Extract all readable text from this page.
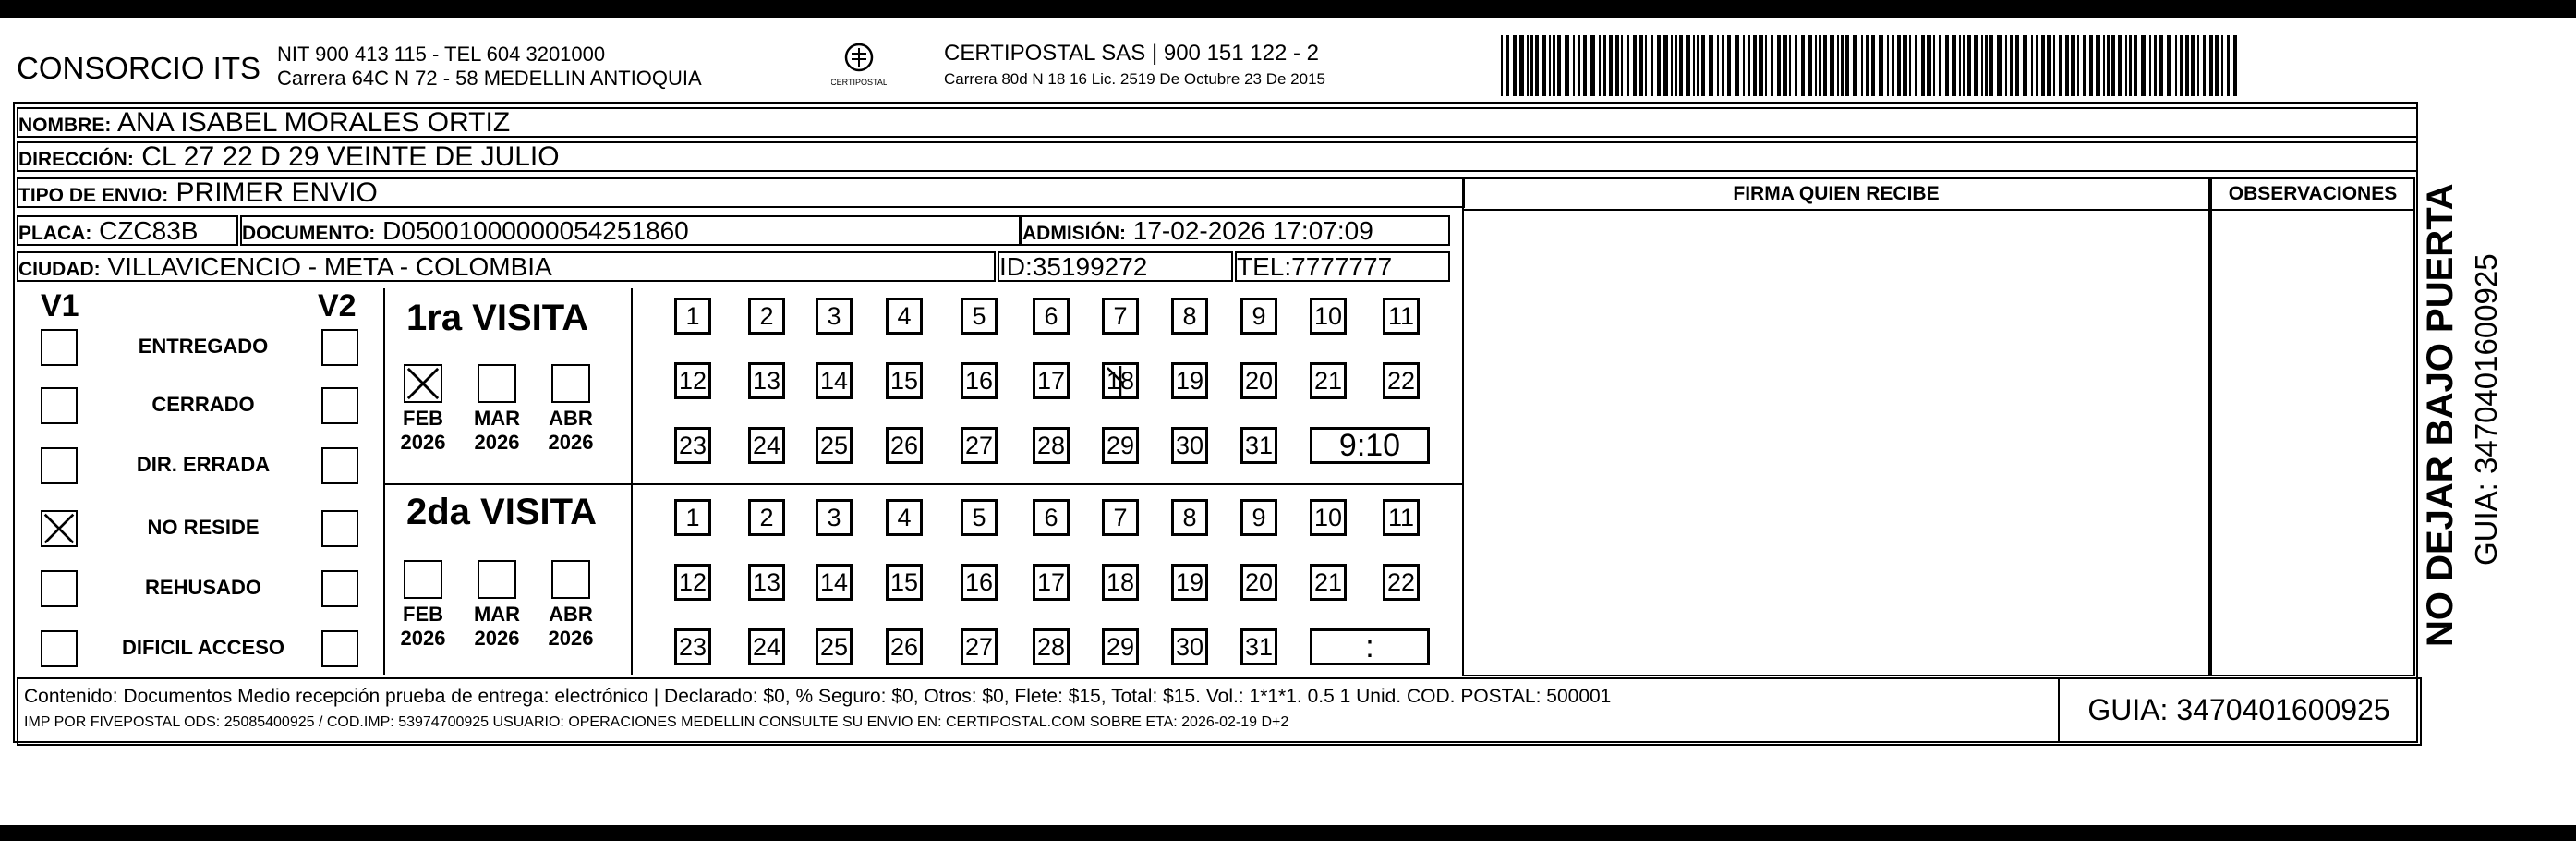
CONSORCIO ITS NIT 900 413 115 - TEL 604 3201000
Carrera 64C N 72 - 58 MEDELLIN ANTIOQUIA	CERTIPOSTAL
CERTIPOSTAL SAS | 900 151 122 - 2
Carrera 80d N 18 16 Lic. 2519 De Octubre 23 De 2015
NOMBRE: ANA ISABEL MORALES ORTIZ
DIRECCIÓN: CL 27 22 D 29 VEINTE DE JULIO
TIPO DE ENVIO: PRIMER ENVIO
PLACA: CZC83B	DOCUMENTO: D05001000000054251860	ADMISIÓN: 17-02-2026 17:07:09
CIUDAD: VILLAVICENCIO - META - COLOMBIA	ID:35199272	TEL:7777777
FIRMA QUIEN RECIBE	OBSERVACIONES
V1	V2
ENTREGADO
CERRADO
DIR. ERRADA
NO RESIDE
REHUSADO
DIFICIL ACCESO
1ra VISITA
2da VISITA
1	2	3	4	5	6	7	8	9	10 11
12 13 14 15 16 17 18 19 20 21 22
23 24 25 26 27 28 29 30 31	9:10
1	2	3	4	5	6	7	8	9	10 11
12 13 14 15 16 17 18 19 20 21 22
23 24 25 26 27 28 29 30 31	:
FEB
2026
MAR
2026
ABR
2026
FEB
2026
MAR
2026
ABR
2026
Contenido: Documentos Medio recepción prueba de entrega: electrónico | Declarado: $0, % Seguro: $0, Otros: $0, Flete: $15, Total: $15. Vol.: 1*1*1. 0.5 1 Unid. COD. POSTAL: 500001
IMP POR FIVEPOSTAL ODS: 25085400925 / COD.IMP: 53974700925 USUARIO: OPERACIONES MEDELLIN CONSULTE SU ENVIO EN: CERTIPOSTAL.COM SOBRE ETA: 2026-02-19 D+2	GUIA: 3470401600925
NO DEJAR BAJO PUERTA GUIA: 3470401600925
